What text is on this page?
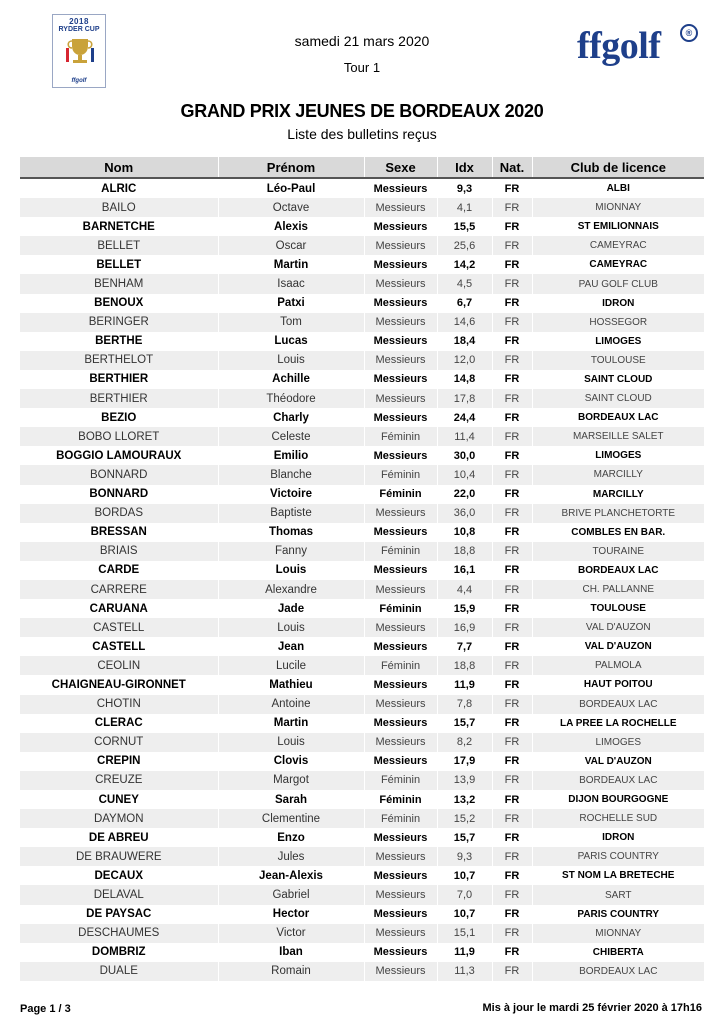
2018
RYDER CUP
ffgolf
ffgolf	®
samedi 21 mars 2020
Tour 1
GRAND PRIX JEUNES DE BORDEAUX 2020
Liste des bulletins reçus
Nom	Prénom	Sexe	Idx	Nat.	Club de licence
ALRIC	Léo-Paul	Messieurs	9,3	FR	ALBI
BAILO	Octave	Messieurs	4,1	FR	MIONNAY
BARNETCHE	Alexis	Messieurs	15,5	FR	ST EMILIONNAIS
BELLET	Oscar	Messieurs	25,6	FR	CAMEYRAC
BELLET	Martin	Messieurs	14,2	FR	CAMEYRAC
BENHAM	Isaac	Messieurs	4,5	FR	PAU GOLF CLUB
BENOUX	Patxi	Messieurs	6,7	FR	IDRON
BERINGER	Tom	Messieurs	14,6	FR	HOSSEGOR
BERTHE	Lucas	Messieurs	18,4	FR	LIMOGES
BERTHELOT	Louis	Messieurs	12,0	FR	TOULOUSE
BERTHIER	Achille	Messieurs	14,8	FR	SAINT CLOUD
BERTHIER	Théodore	Messieurs	17,8	FR	SAINT CLOUD
BEZIO	Charly	Messieurs	24,4	FR	BORDEAUX LAC
BOBO LLORET	Celeste	Féminin	11,4	FR	MARSEILLE SALET
BOGGIO LAMOURAUX	Emilio	Messieurs	30,0	FR	LIMOGES
BONNARD	Blanche	Féminin	10,4	FR	MARCILLY
BONNARD	Victoire	Féminin	22,0	FR	MARCILLY
BORDAS	Baptiste	Messieurs	36,0	FR	BRIVE PLANCHETORTE
BRESSAN	Thomas	Messieurs	10,8	FR	COMBLES EN BAR.
BRIAIS	Fanny	Féminin	18,8	FR	TOURAINE
CARDE	Louis	Messieurs	16,1	FR	BORDEAUX LAC
CARRERE	Alexandre	Messieurs	4,4	FR	CH. PALLANNE
CARUANA	Jade	Féminin	15,9	FR	TOULOUSE
CASTELL	Louis	Messieurs	16,9	FR	VAL D'AUZON
CASTELL	Jean	Messieurs	7,7	FR	VAL D'AUZON
CEOLIN	Lucile	Féminin	18,8	FR	PALMOLA
CHAIGNEAU-GIRONNET	Mathieu	Messieurs	11,9	FR	HAUT POITOU
CHOTIN	Antoine	Messieurs	7,8	FR	BORDEAUX LAC
CLERAC	Martin	Messieurs	15,7	FR	LA PREE LA ROCHELLE
CORNUT	Louis	Messieurs	8,2	FR	LIMOGES
CREPIN	Clovis	Messieurs	17,9	FR	VAL D'AUZON
CREUZE	Margot	Féminin	13,9	FR	BORDEAUX LAC
CUNEY	Sarah	Féminin	13,2	FR	DIJON BOURGOGNE
DAYMON	Clementine	Féminin	15,2	FR	ROCHELLE SUD
DE ABREU	Enzo	Messieurs	15,7	FR	IDRON
DE BRAUWERE	Jules	Messieurs	9,3	FR	PARIS COUNTRY
DECAUX	Jean-Alexis	Messieurs	10,7	FR	ST NOM LA BRETECHE
DELAVAL	Gabriel	Messieurs	7,0	FR	SART
DE PAYSAC	Hector	Messieurs	10,7	FR	PARIS COUNTRY
DESCHAUMES	Victor	Messieurs	15,1	FR	MIONNAY
DOMBRIZ	Iban	Messieurs	11,9	FR	CHIBERTA
DUALE	Romain	Messieurs	11,3	FR	BORDEAUX LAC
Page 1 / 3	Mis à jour le mardi 25 février 2020 à 17h16
